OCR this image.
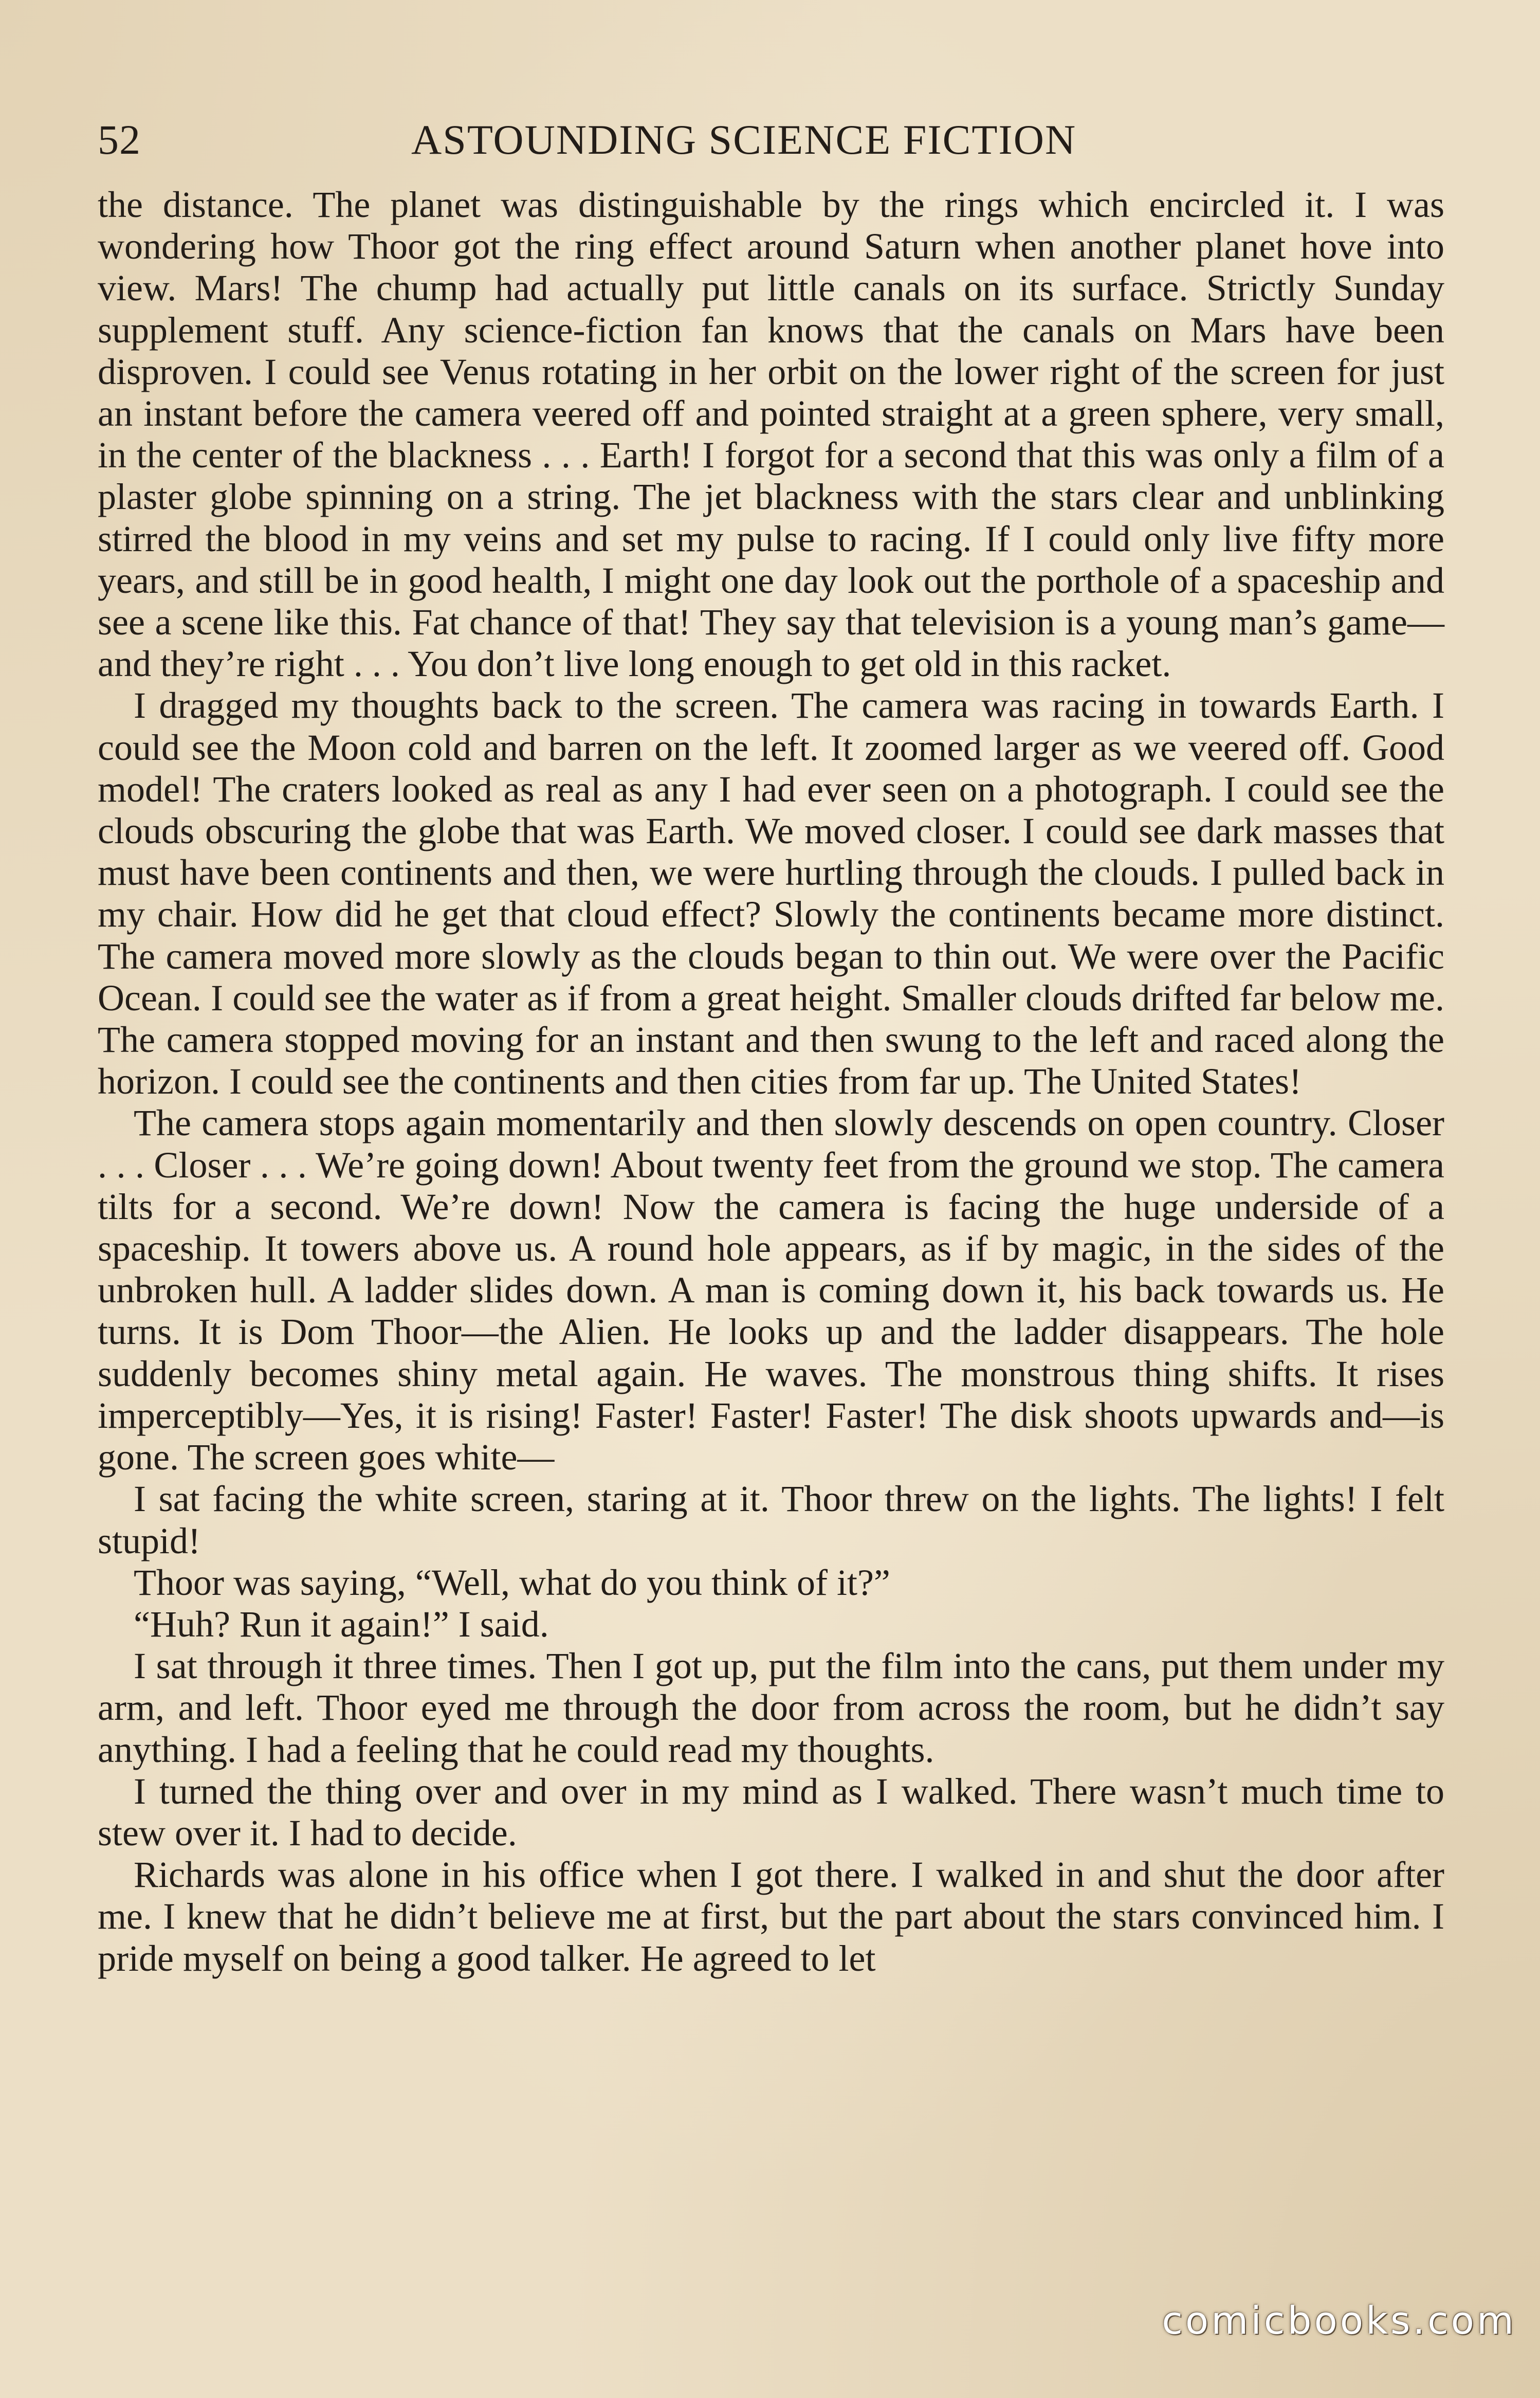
52	ASTOUNDING SCIENCE FICTION

the distance. The planet was distinguishable by the rings which encircled it. I was wondering how Thoor got the ring effect around Saturn when another planet hove into view. Mars! The chump had actually put little canals on its surface. Strictly Sunday supplement stuff. Any science-fiction fan knows that the canals on Mars have been disproven. I could see Venus rotating in her orbit on the lower right of the screen for just an instant before the camera veered off and pointed straight at a green sphere, very small, in the center of the blackness . . . Earth! I forgot for a second that this was only a film of a plaster globe spinning on a string. The jet blackness with the stars clear and unblinking stirred the blood in my veins and set my pulse to racing. If I could only live fifty more years, and still be in good health, I might one day look out the porthole of a spaceship and see a scene like this. Fat chance of that! They say that television is a young man’s game—and they’re right . . . You don’t live long enough to get old in this racket.

I dragged my thoughts back to the screen. The camera was racing in towards Earth. I could see the Moon cold and barren on the left. It zoomed larger as we veered off. Good model! The craters looked as real as any I had ever seen on a photograph. I could see the clouds obscuring the globe that was Earth. We moved closer. I could see dark masses that must have been continents and then, we were hurtling through the clouds. I pulled back in my chair. How did he get that cloud effect? Slowly the continents became more distinct. The camera moved more slowly as the clouds began to thin out. We were over the Pacific Ocean. I could see the water as if from a great height. Smaller clouds drifted far below me. The camera stopped moving for an instant and then swung to the left and raced along the horizon. I could see the continents and then cities from far up. The United States!

The camera stops again momentarily and then slowly descends on open country. Closer . . . Closer . . . We’re going down! About twenty feet from the ground we stop. The camera tilts for a second. We’re down! Now the camera is facing the huge underside of a spaceship. It towers above us. A round hole appears, as if by magic, in the sides of the unbroken hull. A ladder slides down. A man is coming down it, his back towards us. He turns. It is Dom Thoor—the Alien. He looks up and the ladder disappears. The hole suddenly becomes shiny metal again. He waves. The monstrous thing shifts. It rises imperceptibly—Yes, it is rising! Faster! Faster! Faster! The disk shoots upwards and—is gone. The screen goes white—

I sat facing the white screen, staring at it. Thoor threw on the lights. The lights! I felt stupid!

Thoor was saying, “Well, what do you think of it?”

“Huh? Run it again!” I said.

I sat through it three times. Then I got up, put the film into the cans, put them under my arm, and left. Thoor eyed me through the door from across the room, but he didn’t say anything. I had a feeling that he could read my thoughts.

I turned the thing over and over in my mind as I walked. There wasn’t much time to stew over it. I had to decide.

Richards was alone in his office when I got there. I walked in and shut the door after me. I knew that he didn’t believe me at first, but the part about the stars convinced him. I pride myself on being a good talker. He agreed to let

comicbooks.com
